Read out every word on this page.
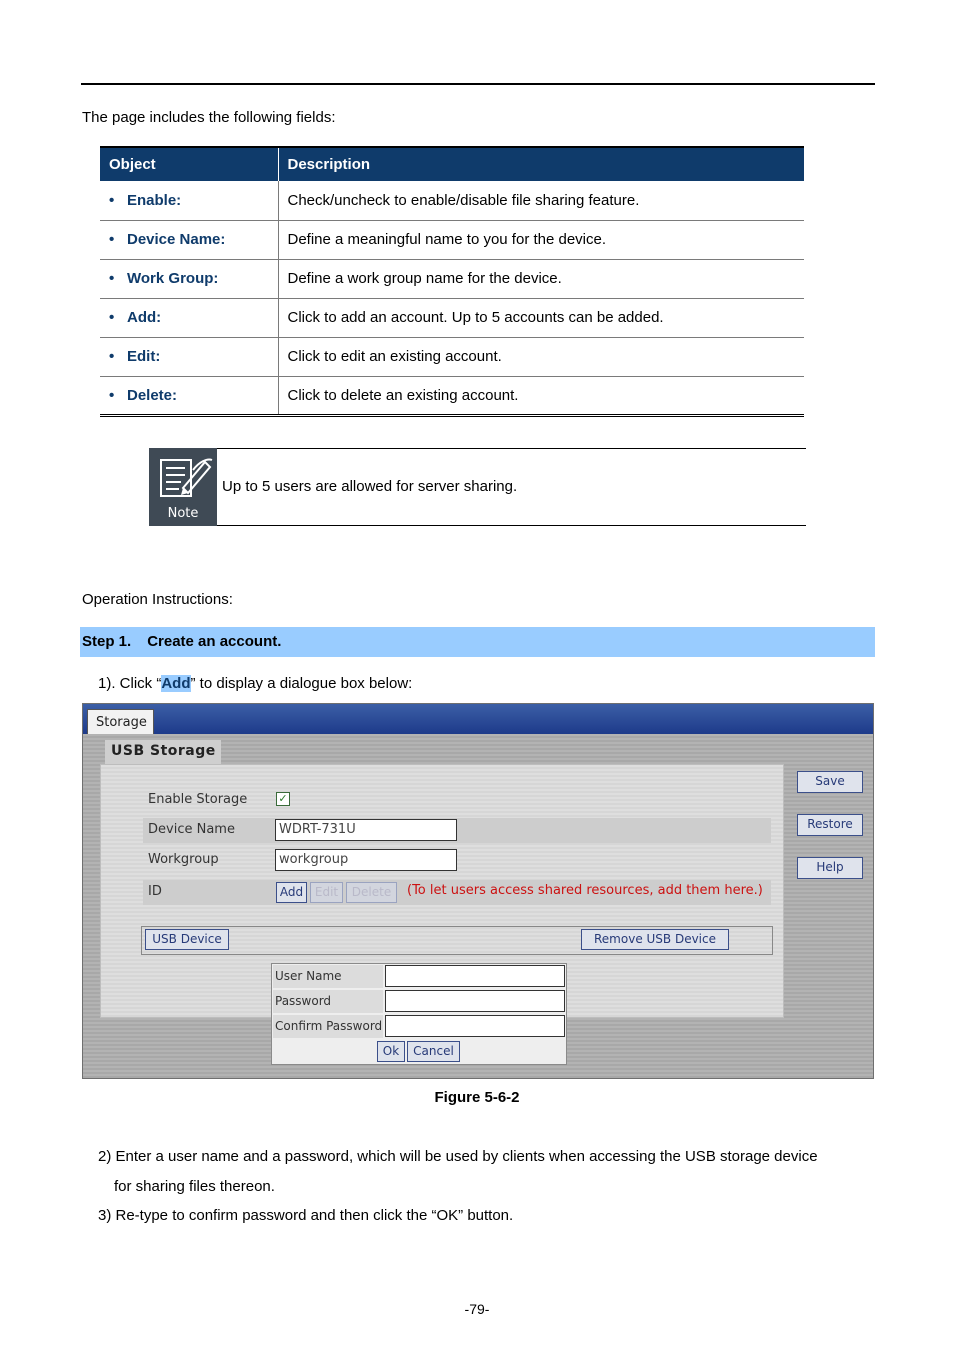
The page includes the following fields:
Object	Description
• Enable:	Check/uncheck to enable/disable file sharing feature.
• Device Name:	Define a meaningful name to you for the device.
• Work Group:	Define a work group name for the device.
• Add:	Click to add an account. Up to 5 accounts can be added.
• Edit:	Click to edit an existing account.
• Delete:	Click to delete an existing account.
Note
Up to 5 users are allowed for server sharing.
Operation Instructions:
Step 1. Create an account.
1). Click “Add” to display a dialogue box below:
Storage
USB Storage
Enable Storage	✓
Device Name	WDRT-731U
Workgroup	workgroup
ID	Add Edit	Delete	(To let users access shared resources, add them here.)
USB Device	Remove USB Device
Save
Restore
Help
User Name
Password
Confirm Password
Ok	Cancel
Figure 5-6-2
2) Enter a user name and a password, which will be used by clients when accessing the USB storage device
for sharing files thereon.
3) Re-type to confirm password and then click the “OK” button.
-79-
